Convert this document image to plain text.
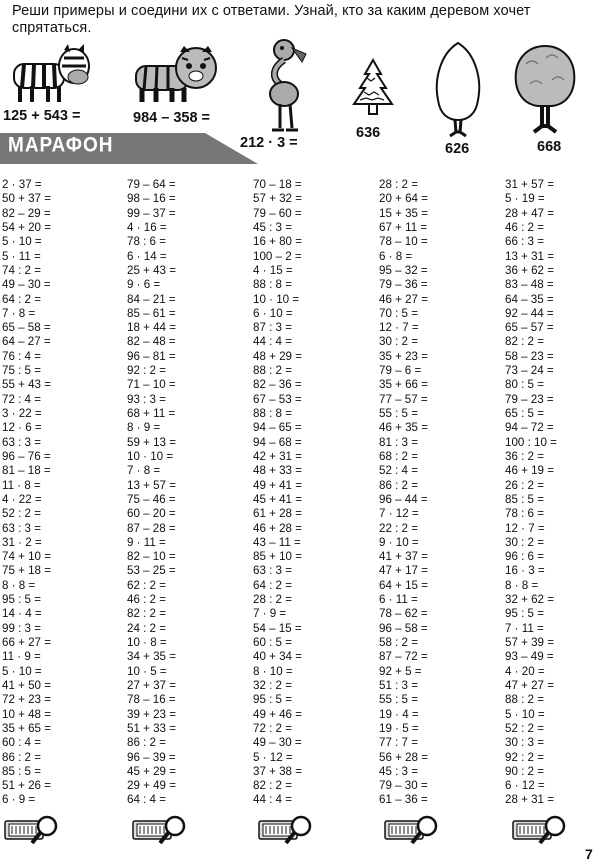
Реши примеры и соедини их с ответами. Узнай, кто за каким деревом хочет спрятаться.
125 + 543 =	984 – 358 =
212 · 3 =
636
626	668
МАРАФОН
2 · 37 =
50 + 37 =
82 – 29 =
54 + 20 =
5 · 10 =
5 · 11 =
74 : 2 =
49 – 30 =
64 : 2 =
7 · 8 =
65 – 58 =
64 – 27 =
76 : 4 =
75 : 5 =
55 + 43 =
72 : 4 =
3 · 22 =
12 · 6 =
63 : 3 =
96 – 76 =
81 – 18 =
11 · 8 =
4 · 22 =
52 : 2 =
63 : 3 =
31 · 2 =
74 + 10 =
75 + 18 =
8 · 8 =
95 : 5 =
14 · 4 =
99 : 3 =
66 + 27 =
11 · 9 =
5 · 10 =
41 + 50 =
72 + 23 =
10 + 48 =
35 + 65 =
60 : 4 =
86 : 2 =
85 : 5 =
51 + 26 =
6 · 9 =
79 – 64 =
98 – 16 =
99 – 37 =
4 · 16 =
78 : 6 =
6 · 14 =
25 + 43 =
9 · 6 =
84 – 21 =
85 – 61 =
18 + 44 =
82 – 48 =
96 – 81 =
92 : 2 =
71 – 10 =
93 : 3 =
68 + 11 =
8 · 9 =
59 + 13 =
10 · 10 =
7 · 8 =
13 + 57 =
75 – 46 =
60 – 20 =
87 – 28 =
9 · 11 =
82 – 10 =
53 – 25 =
62 : 2 =
46 : 2 =
82 : 2 =
24 : 2 =
10 · 8 =
34 + 35 =
10 · 5 =
27 + 37 =
78 – 16 =
39 + 23 =
51 + 33 =
86 : 2 =
96 – 39 =
45 + 29 =
29 + 49 =
64 : 4 =
70 – 18 =
57 + 32 =
79 – 60 =
45 : 3 =
16 + 80 =
100 – 2 =
4 · 15 =
88 : 8 =
10 · 10 =
6 · 10 =
87 : 3 =
44 : 4 =
48 + 29 =
88 : 2 =
82 – 36 =
67 – 53 =
88 : 8 =
94 – 65 =
94 – 68 =
42 + 31 =
48 + 33 =
49 + 41 =
45 + 41 =
61 + 28 =
46 + 28 =
43 – 11 =
85 + 10 =
63 : 3 =
64 : 2 =
28 : 2 =
7 · 9 =
54 – 15 =
60 : 5 =
40 + 34 =
8 · 10 =
32 : 2 =
95 : 5 =
49 + 46 =
72 : 2 =
49 – 30 =
5 · 12 =
37 + 38 =
82 : 2 =
44 : 4 =
28 : 2 =
20 + 64 =
15 + 35 =
67 + 11 =
78 – 10 =
6 · 8 =
95 – 32 =
79 – 36 =
46 + 27 =
70 : 5 =
12 · 7 =
30 : 2 =
35 + 23 =
79 – 6 =
35 + 66 =
77 – 57 =
55 : 5 =
46 + 35 =
81 : 3 =
68 : 2 =
52 : 4 =
86 : 2 =
96 – 44 =
7 · 12 =
22 : 2 =
9 · 10 =
41 + 37 =
47 + 17 =
64 + 15 =
6 · 11 =
78 – 62 =
96 – 58 =
58 : 2 =
87 – 72 =
92 + 5 =
51 : 3 =
55 : 5 =
19 · 4 =
19 · 5 =
77 : 7 =
56 + 28 =
45 : 3 =
79 – 30 =
61 – 36 =
31 + 57 =
5 · 19 =
28 + 47 =
46 : 2 =
66 : 3 =
13 + 31 =
36 + 62 =
83 – 48 =
64 – 35 =
92 – 44 =
65 – 57 =
82 : 2 =
58 – 23 =
73 – 24 =
80 : 5 =
79 – 23 =
65 : 5 =
94 – 72 =
100 : 10 =
36 : 2 =
46 + 19 =
26 : 2 =
85 : 5 =
78 : 6 =
12 · 7 =
30 : 2 =
96 : 6 =
16 · 3 =
8 · 8 =
32 + 62 =
95 : 5 =
7 · 11 =
57 + 39 =
93 – 49 =
4 · 20 =
47 + 27 =
88 : 2 =
5 · 10 =
52 : 2 =
30 : 3 =
92 : 2 =
90 : 2 =
6 · 12 =
28 + 31 =
7
